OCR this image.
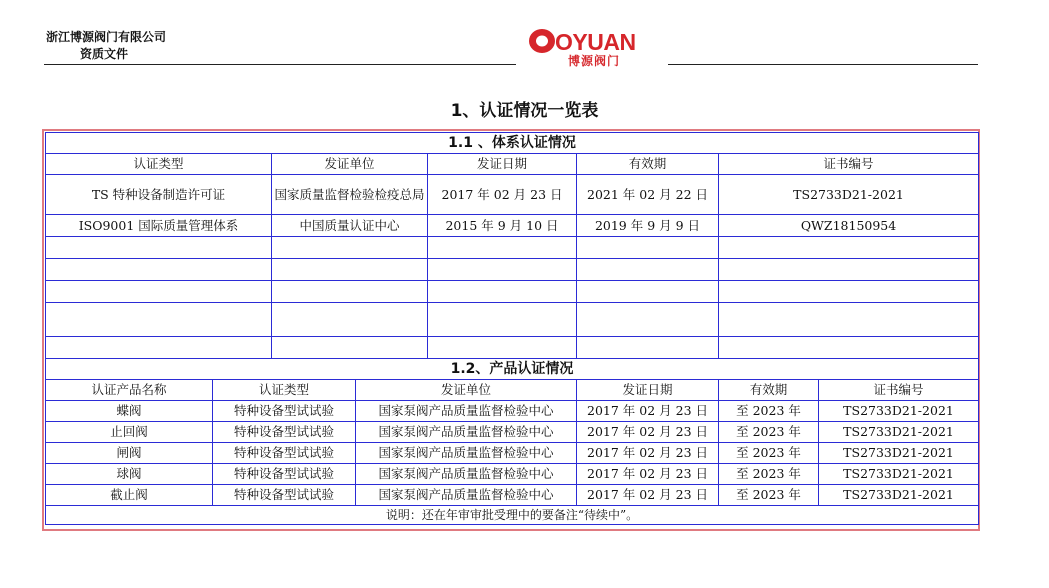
浙江博源阀门有限公司
资质文件	OYUAN
博源阀门
1、认证情况一览表
1.1 、体系认证情况				
认证类型	发证单位	发证日期	有效期	证书编号
TS 特种设备制造许可证	国家质量监督检验检疫总局	2017 年 02 月 23 日	2021 年 02 月 22 日	TS2733D21-2021
ISO9001 国际质量管理体系	中国质量认证中心	2015 年 9 月 10 日	2019 年 9 月 9 日	QWZ18150954

1.2、产品认证情况					
认证产品名称	认证类型	发证单位	发证日期	有效期	证书编号
蝶阀	特种设备型试试验	国家泵阀产品质量监督检验中心	2017 年 02 月 23 日	至 2023 年	TS2733D21-2021
止回阀	特种设备型试试验	国家泵阀产品质量监督检验中心	2017 年 02 月 23 日	至 2023 年	TS2733D21-2021
闸阀	特种设备型试试验	国家泵阀产品质量监督检验中心	2017 年 02 月 23 日	至 2023 年	TS2733D21-2021
球阀	特种设备型试试验	国家泵阀产品质量监督检验中心	2017 年 02 月 23 日	至 2023 年	TS2733D21-2021
截止阀	特种设备型试试验	国家泵阀产品质量监督检验中心	2017 年 02 月 23 日	至 2023 年	TS2733D21-2021
说明：还在年审审批受理中的要备注“待续中”。					
